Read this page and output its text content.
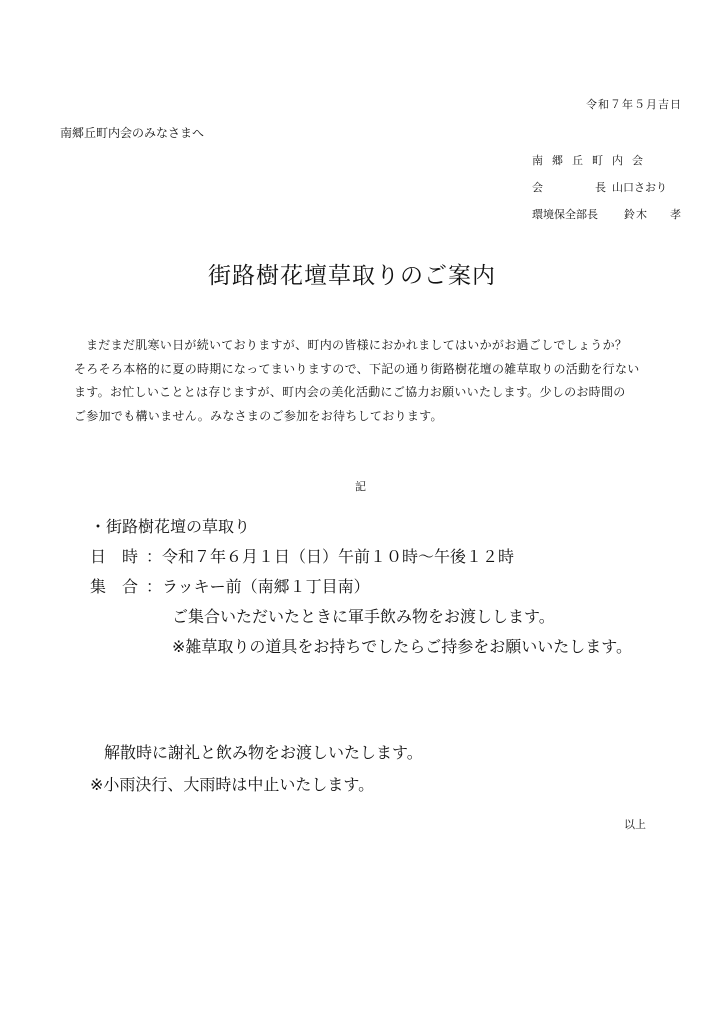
令和７年５月吉日
南郷丘町内会のみなさまへ
南郷丘町内会
会	長 山口さおり
環境保全部長 鈴木 孝
街路樹花壇草取りのご案内
まだまだ肌寒い日が続いておりますが、町内の皆様におかれましてはいかがお過ごしでしょうか？
そろそろ本格的に夏の時期になってまいりますので、下記の通り街路樹花壇の雑草取りの活動を行ない
ます。お忙しいこととは存じますが、町内会の美化活動にご協力お願いいたします。少しのお時間の
ご参加でも構いません。みなさまのご参加をお待ちしております。
記
・街路樹花壇の草取り
日 時 ：令和７年６月１日（日）午前１０時～午後１２時
集 合 ：ラッキー前（南郷１丁目南）
ご集合いただいたときに軍手飲み物をお渡しします。
※雑草取りの道具をお持ちでしたらご持参をお願いいたします。
解散時に謝礼と飲み物をお渡しいたします。
※小雨決行、大雨時は中止いたします。
以上
